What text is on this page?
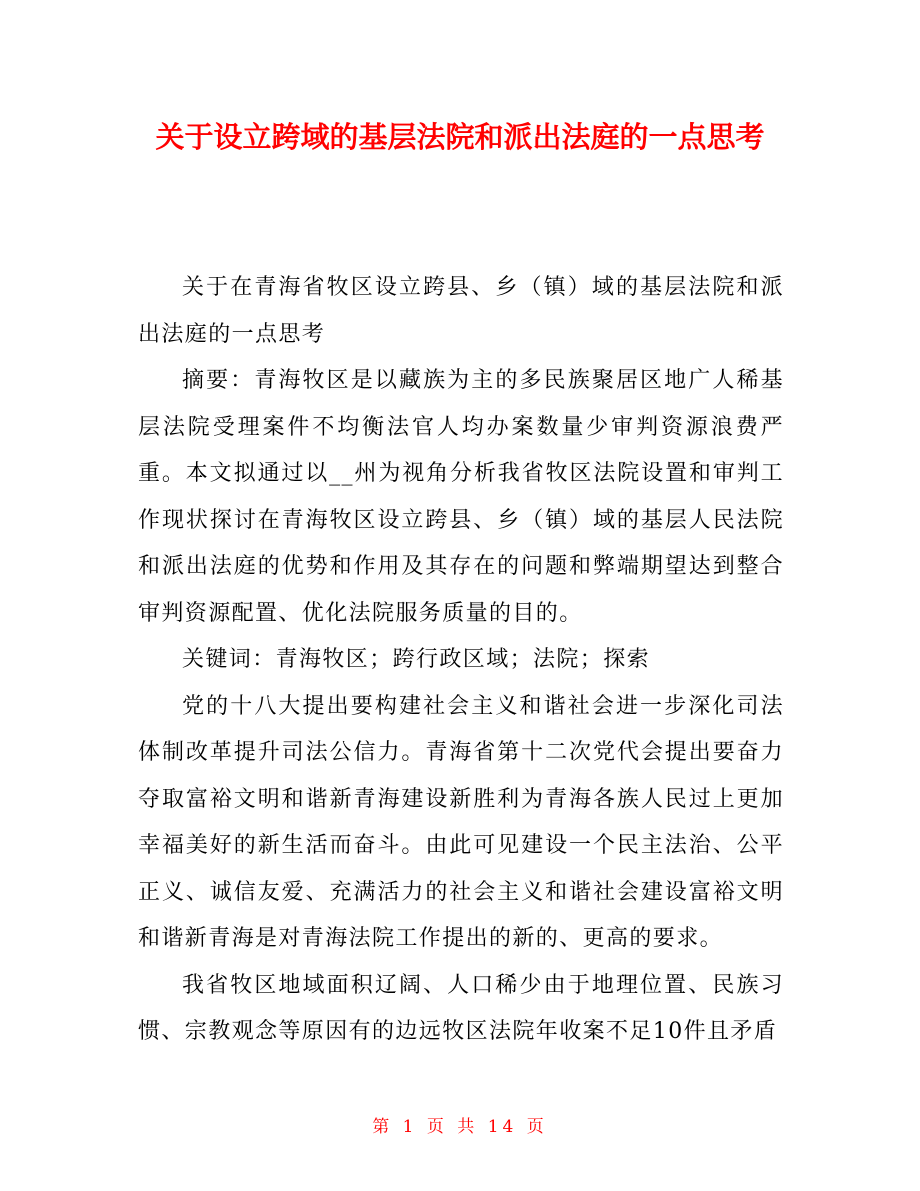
关于设立跨域的基层法院和派出法庭的一点思考

关于在青海省牧区设立跨县、乡（镇）域的基层法院和派出法庭的一点思考

摘要：青海牧区是以藏族为主的多民族聚居区地广人稀基层法院受理案件不均衡法官人均办案数量少审判资源浪费严重。本文拟通过以__州为视角分析我省牧区法院设置和审判工作现状探讨在青海牧区设立跨县、乡（镇）域的基层人民法院和派出法庭的优势和作用及其存在的问题和弊端期望达到整合审判资源配置、优化法院服务质量的目的。

关键词：青海牧区；跨行政区域；法院；探索

党的十八大提出要构建社会主义和谐社会进一步深化司法体制改革提升司法公信力。青海省第十二次党代会提出要奋力夺取富裕文明和谐新青海建设新胜利为青海各族人民过上更加幸福美好的新生活而奋斗。由此可见建设一个民主法治、公平正义、诚信友爱、充满活力的社会主义和谐社会建设富裕文明和谐新青海是对青海法院工作提出的新的、更高的要求。

我省牧区地域面积辽阔、人口稀少由于地理位置、民族习惯、宗教观念等原因有的边远牧区法院年收案不足10件且矛盾

第 1 页 共 14 页
